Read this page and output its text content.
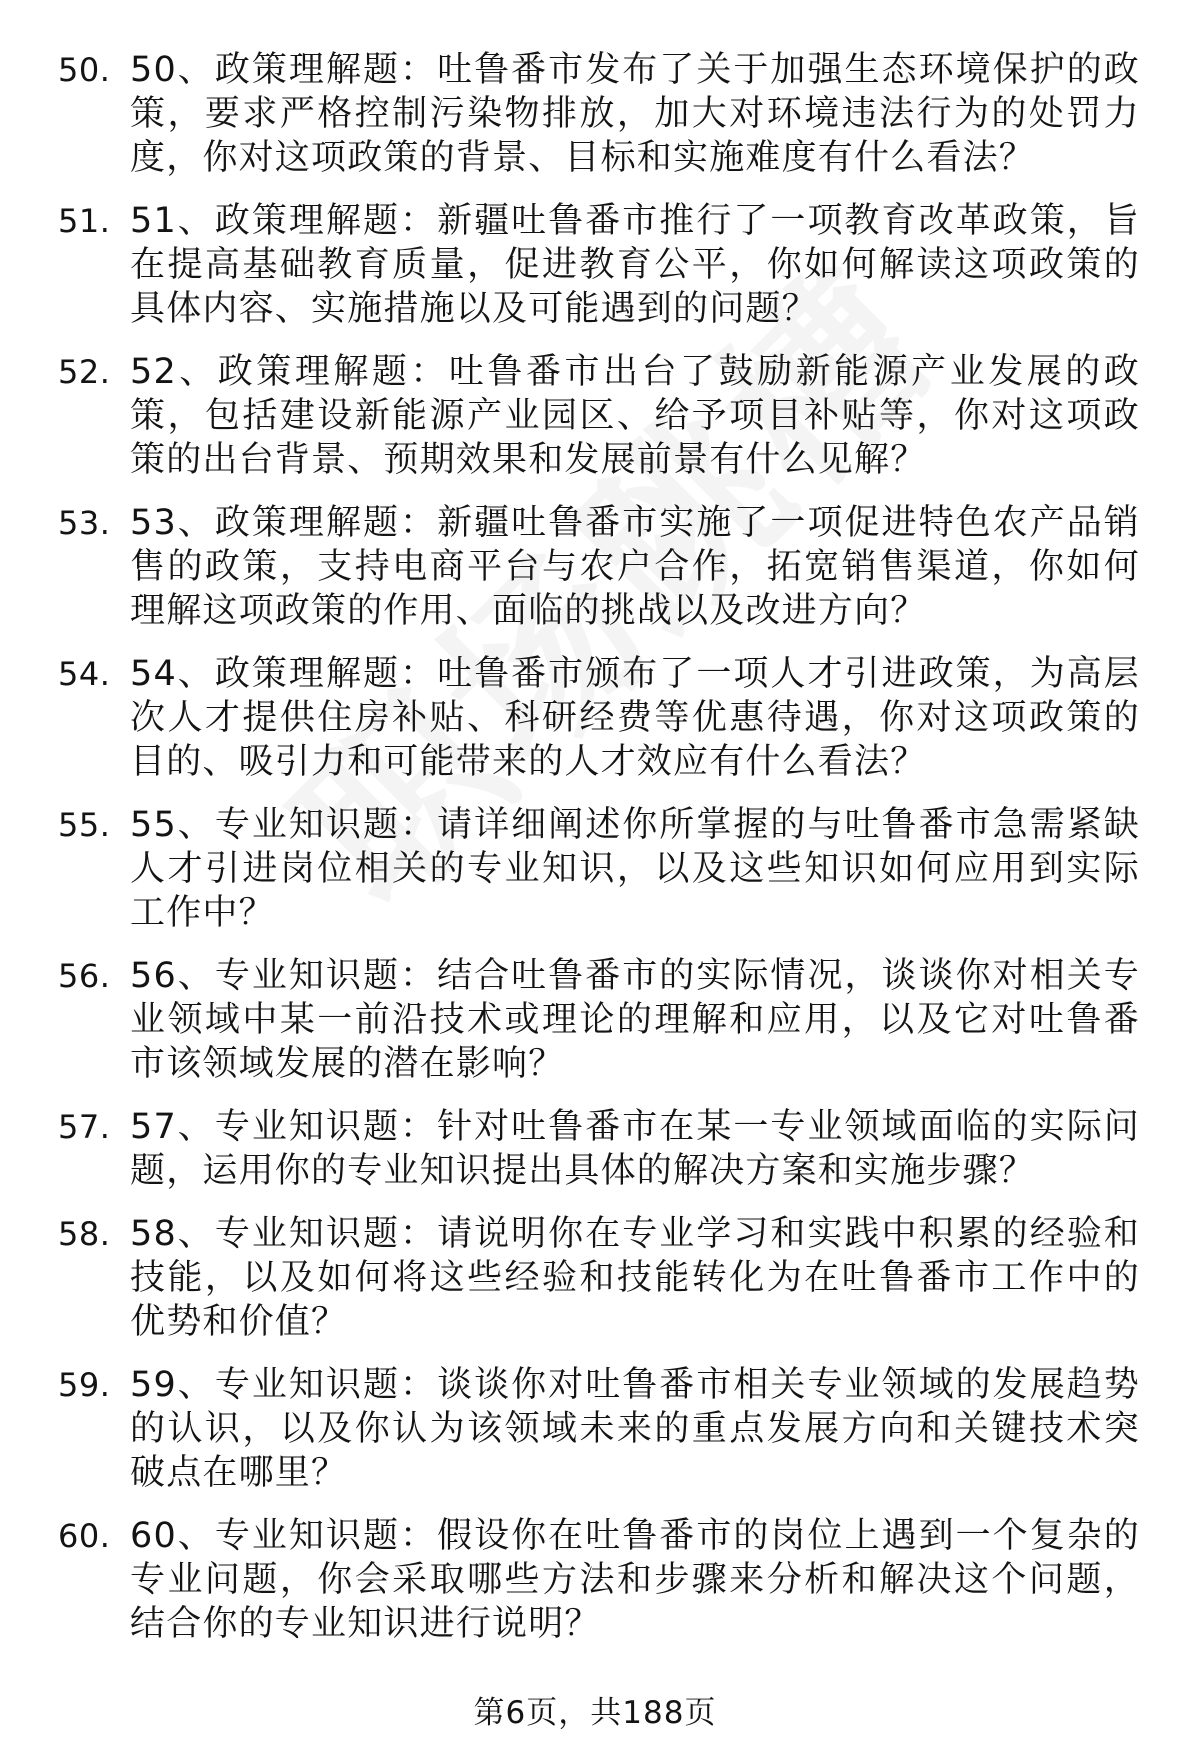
50. 50、政策理解题：吐鲁番市发布了关于加强生态环境保护的政策，要求严格控制污染物排放，加大对环境违法行为的处罚力度，你对这项政策的背景、目标和实施难度有什么看法？
51. 51、政策理解题：新疆吐鲁番市推行了一项教育改革政策，旨在提高基础教育质量，促进教育公平，你如何解读这项政策的具体内容、实施措施以及可能遇到的问题？
52. 52、政策理解题：吐鲁番市出台了鼓励新能源产业发展的政策，包括建设新能源产业园区、给予项目补贴等，你对这项政策的出台背景、预期效果和发展前景有什么见解？
53. 53、政策理解题：新疆吐鲁番市实施了一项促进特色农产品销售的政策，支持电商平台与农户合作，拓宽销售渠道，你如何理解这项政策的作用、面临的挑战以及改进方向？
54. 54、政策理解题：吐鲁番市颁布了一项人才引进政策，为高层次人才提供住房补贴、科研经费等优惠待遇，你对这项政策的目的、吸引力和可能带来的人才效应有什么看法？
55. 55、专业知识题：请详细阐述你所掌握的与吐鲁番市急需紧缺人才引进岗位相关的专业知识，以及这些知识如何应用到实际工作中？
56. 56、专业知识题：结合吐鲁番市的实际情况，谈谈你对相关专业领域中某一前沿技术或理论的理解和应用，以及它对吐鲁番市该领域发展的潜在影响？
57. 57、专业知识题：针对吐鲁番市在某一专业领域面临的实际问题，运用你的专业知识提出具体的解决方案和实施步骤？
58. 58、专业知识题：请说明你在专业学习和实践中积累的经验和技能，以及如何将这些经验和技能转化为在吐鲁番市工作中的优势和价值？
59. 59、专业知识题：谈谈你对吐鲁番市相关专业领域的发展趋势的认识，以及你认为该领域未来的重点发展方向和关键技术突破点在哪里？
60. 60、专业知识题：假设你在吐鲁番市的岗位上遇到一个复杂的专业问题，你会采取哪些方法和步骤来分析和解决这个问题，结合你的专业知识进行说明？
第6页，共188页
